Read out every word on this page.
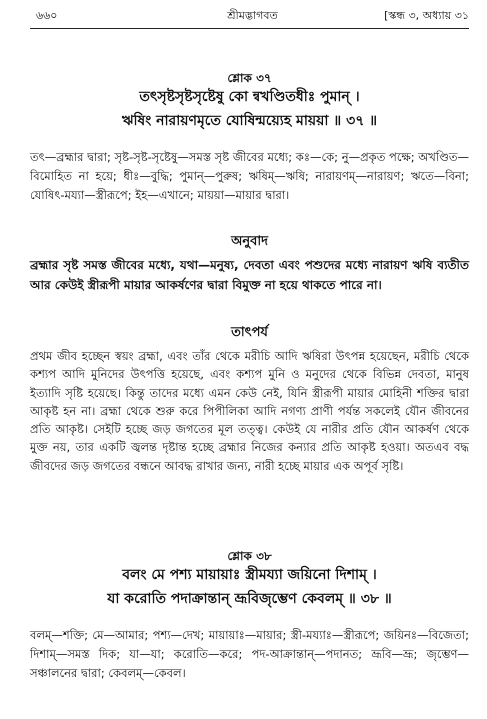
৬৬০	শ্রীমদ্ভাগবত	[স্কন্ধ ৩, অধ্যায় ৩১
শ্লোক ৩৭
তৎসৃষ্টসৃষ্টসৃষ্টেষু কো ন্বখণ্ডিতধীঃ পুমান্ ।
ঋষিং নারায়ণমৃতে যোষিন্ময়্যেহ মায়য়া ॥ ৩৭ ॥
তৎ—ব্রহ্মার দ্বারা; সৃষ্ট-সৃষ্ট-সৃষ্টেষু—সমস্ত সৃষ্ট জীবের মধ্যে; কঃ—কে; নু—প্রকৃত পক্ষে; অখণ্ডিত—বিমোহিত না হয়ে; ধীঃ—বুদ্ধি; পুমান্—পুরুষ; ঋষিম্—ঋষি; নারায়ণম্—নারায়ণ; ঋতে—বিনা; যোষিৎ-ময্যা—স্ত্রীরূপে; ইহ—এখানে; মায়য়া—মায়ার দ্বারা।
অনুবাদ
ব্রহ্মার সৃষ্ট সমস্ত জীবের মধ্যে, যথা—মনুষ্য, দেবতা এবং পশুদের মধ্যে নারায়ণ ঋষি ব্যতীত আর কেউই স্ত্রীরূপী মায়ার আকর্ষণের দ্বারা বিমুক্ত না হয়ে থাকতে পারে না।
তাৎপর্য
প্রথম জীব হচ্ছেন স্বয়ং ব্রহ্মা, এবং তাঁর থেকে মরীচি আদি ঋষিরা উৎপন্ন হয়েছেন, মরীচি থেকে কশ্যপ আদি মুনিদের উৎপত্তি হয়েছে, এবং কশ্যপ মুনি ও মনুদের থেকে বিভিন্ন দেবতা, মানুষ ইত্যাদি সৃষ্টি হয়েছে। কিন্তু তাদের মধ্যে এমন কেউ নেই, যিনি স্ত্রীরূপী মায়ার মোহিনী শক্তির দ্বারা আকৃষ্ট হন না। ব্রহ্মা থেকে শুরু করে পিপীলিকা আদি নগণ্য প্রাণী পর্যন্ত সকলেই যৌন জীবনের প্রতি আকৃষ্ট। সেইটি হচ্ছে জড় জগতের মূল তত্ত্ব। কেউই যে নারীর প্রতি যৌন আকর্ষণ থেকে মুক্ত নয়, তার একটি জ্বলন্ত দৃষ্টান্ত হচ্ছে ব্রহ্মার নিজের কন্যার প্রতি আকৃষ্ট হওয়া। অতএব বদ্ধ জীবদের জড় জগতের বন্ধনে আবদ্ধ রাখার জন্য, নারী হচ্ছে মায়ার এক অপূর্ব সৃষ্টি।
শ্লোক ৩৮
বলং মে পশ্য মায়ায়াঃ স্ত্রীময্যা জয়িনো দিশাম্ ।
যা করোতি পদাক্রান্তান্ ভ্রূবিজৃম্ভেণ কেবলম্ ॥ ৩৮ ॥
বলম্—শক্তি; মে—আমার; পশ্য—দেখ; মায়ায়াঃ—মায়ার; স্ত্রী-ময্যাঃ—স্ত্রীরূপে; জয়িনঃ—বিজেতা; দিশাম্—সমস্ত দিক; যা—যা; করোতি—করে; পদ-আক্রান্তান্—পদানত; ভ্রূবি—ভ্রূ; জৃম্ভেণ—সঞ্চালনের দ্বারা; কেবলম্—কেবল।
